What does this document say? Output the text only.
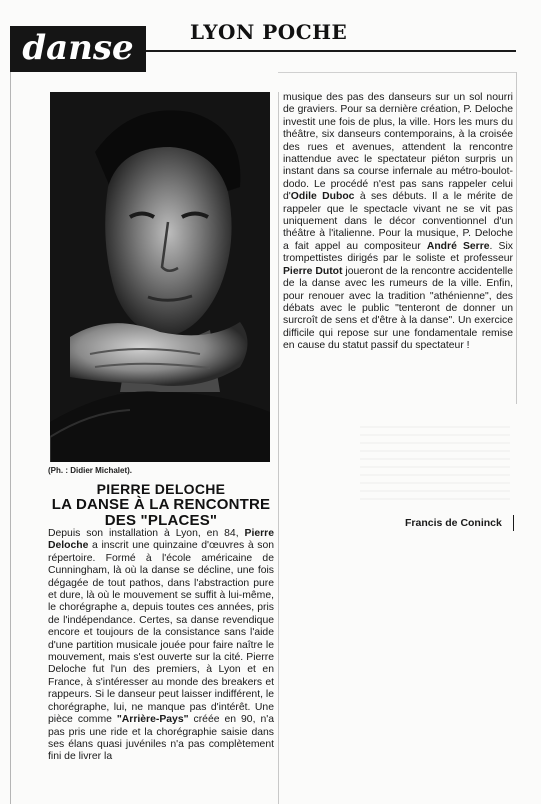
danse	LYON POCHE
(Ph. : Didier Michalet).
PIERRE DELOCHE
LA DANSE À LA RENCONTRE
DES "PLACES"
Depuis son installation à Lyon, en 84, Pierre Deloche a inscrit une quinzaine d'œuvres à son répertoire. Formé à l'école américaine de Cunningham, là où la danse se décline, une fois dégagée de tout pathos, dans l'abstraction pure et dure, là où le mouvement se suffit à lui-même, le chorégraphe a, depuis toutes ces années, pris de l'indépendance. Certes, sa danse revendique encore et toujours de la consistance sans l'aide d'une partition musicale jouée pour faire naître le mouvement, mais s'est ouverte sur la cité. Pierre Deloche fut l'un des premiers, à Lyon et en France, à s'intéresser au monde des breakers et rappeurs. Si le danseur peut laisser indifférent, le chorégraphe, lui, ne manque pas d'intérêt. Une pièce comme "Arrière-Pays" créée en 90, n'a pas pris une ride et la chorégraphie saisie dans ses élans quasi juvéniles n'a pas complètement fini de livrer la
musique des pas des danseurs sur un sol nourri de graviers. Pour sa dernière création, P. Deloche investit une fois de plus, la ville. Hors les murs du théâtre, six danseurs contemporains, à la croisée des rues et avenues, attendent la rencontre inattendue avec le spectateur piéton surpris un instant dans sa course infernale au métro-boulot-dodo. Le procédé n'est pas sans rappeler celui d'Odile Duboc à ses débuts. Il a le mérite de rappeler que le spectacle vivant ne se vit pas uniquement dans le décor conventionnel d'un théâtre à l'italienne. Pour la musique, P. Deloche a fait appel au compositeur André Serre. Six trompettistes dirigés par le soliste et professeur Pierre Dutot joueront de la rencontre accidentelle de la danse avec les rumeurs de la ville. Enfin, pour renouer avec la tradition "athénienne", des débats avec le public "tenteront de donner un surcroît de sens et d'être à la danse". Un exercice difficile qui repose sur une fondamentale remise en cause du statut passif du spectateur !
Francis de Coninck
